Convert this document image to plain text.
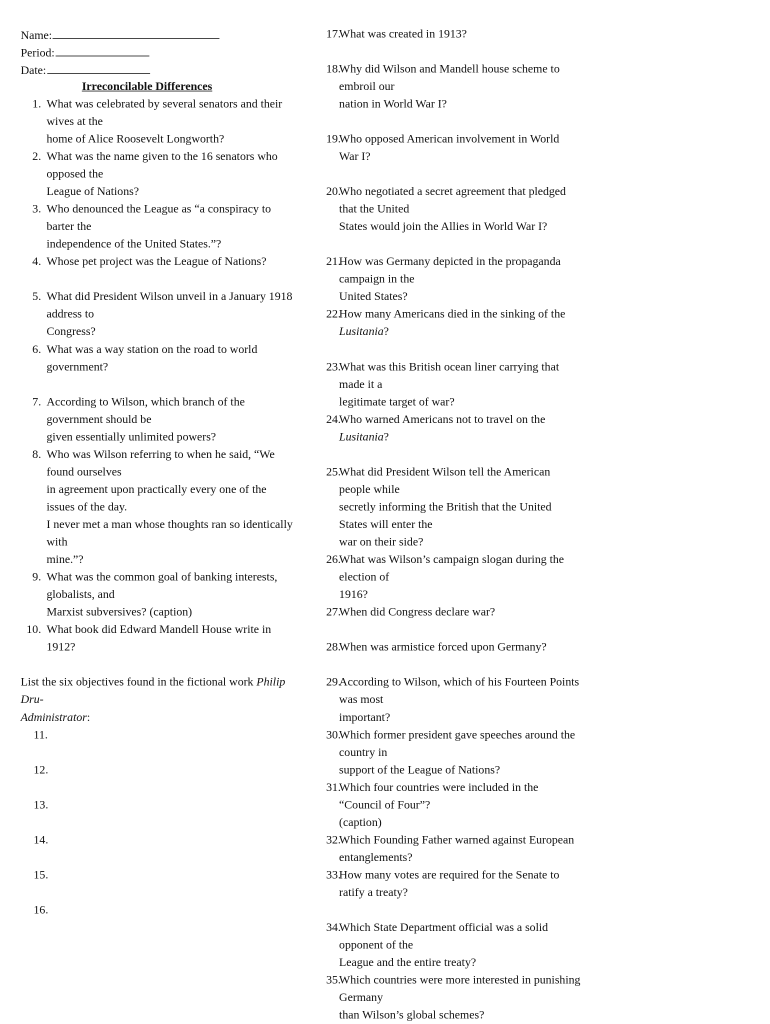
Name:
Period:
Date:
Irreconcilable Differences
1. What was celebrated by several senators and their wives at the
home of Alice Roosevelt Longworth?
2. What was the name given to the 16 senators who opposed the
League of Nations?
3. Who denounced the League as “a conspiracy to barter the
independence of the United States.”?
4. Whose pet project was the League of Nations?
5. What did President Wilson unveil in a January 1918 address to
Congress?
6. What was a way station on the road to world government?
7. According to Wilson, which branch of the government should be
given essentially unlimited powers?
8. Who was Wilson referring to when he said, “We found ourselves
in agreement upon practically every one of the issues of the day.
I never met a man whose thoughts ran so identically with
mine.”?
9. What was the common goal of banking interests, globalists, and
Marxist subversives? (caption)
10. What book did Edward Mandell House write in 1912?
List the six objectives found in the fictional work Philip Dru-
Administrator:
11.
12.
13.
14.
15.
16.
17.
What was created in 1913?
18.
Why did Wilson and Mandell house scheme to embroil our
nation in World War I?
19.
Who opposed American involvement in World War I?
20.
Who negotiated a secret agreement that pledged that the United
States would join the Allies in World War I?
21.
How was Germany depicted in the propaganda campaign in the
United States?
22.
How many Americans died in the sinking of the Lusitania?
23.
What was this British ocean liner carrying that made it a
legitimate target of war?
24.
Who warned Americans not to travel on the Lusitania?
25.
What did President Wilson tell the American people while
secretly informing the British that the United States will enter the
war on their side?
26.
What was Wilson’s campaign slogan during the election of
1916?
27.
When did Congress declare war?
28.
When was armistice forced upon Germany?
29.
According to Wilson, which of his Fourteen Points was most
important?
30.
Which former president gave speeches around the country in
support of the League of Nations?
31.
Which four countries were included in the “Council of Four”?
(caption)
32.
Which Founding Father warned against European
entanglements?
33.
How many votes are required for the Senate to ratify a treaty?
34.
Which State Department official was a solid opponent of the
League and the entire treaty?
35.
Which countries were more interested in punishing Germany
than Wilson’s global schemes?
